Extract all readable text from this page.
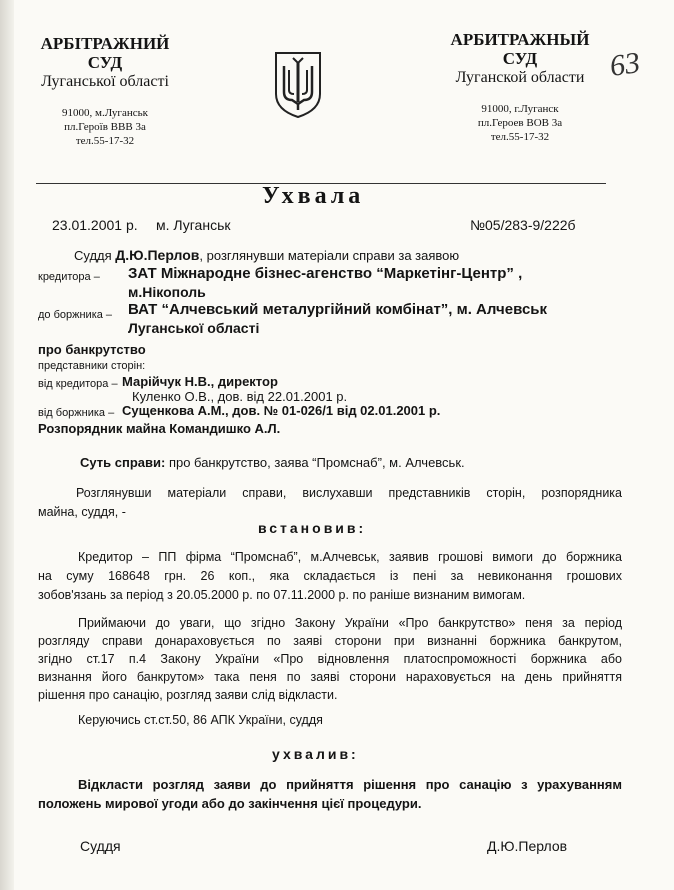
АРБІТРАЖНИЙ
СУД
Луганської області
91000, м.Луганськ
пл.Героїв ВВВ 3а
тел.55-17-32
АРБИТРАЖНЫЙ
СУД
Луганской области
91000, г.Луганск
пл.Героев ВОВ 3а
тел.55-17-32
63
Ухвала
23.01.2001 р. м. Луганськ	№05/283-9/222б
Суддя Д.Ю.Перлов, розглянувши матеріали справи за заявою
кредитора – ЗАТ Міжнародне бізнес-агенство “Маркетінг-Центр” ,
м.Нікополь
до боржника – ВАТ “Алчевський металургійний комбінат”, м. Алчевськ
Луганської області
про банкрутство
представники сторін:
від кредитора – Марійчук Н.В., директор
Куленко О.В., дов. від 22.01.2001 р.
від боржника – Сущенкова А.М., дов. № 01-026/1 від 02.01.2001 р.
Розпорядник майна Командишко А.Л.
Суть справи: про банкрутство, заява “Промснаб”, м. Алчевськ.
Розглянувши матеріали справи, вислухавши представників сторін, розпорядника
майна, суддя, -
встановив:
Кредитор – ПП фірма “Промснаб”, м.Алчевськ, заявив грошові вимоги до боржника
на суму 168648 грн. 26 коп., яка складається із пені за невиконання грошових
зобов'язань за період з 20.05.2000 р. по 07.11.2000 р. по раніше визнаним вимогам.
Приймаючи до уваги, що згідно Закону України «Про банкрутство» пеня за період
розгляду справи донараховується по заяві сторони при визнанні боржника банкрутом,
згідно ст.17 п.4 Закону України «Про відновлення платоспроможності боржника або
визнання його банкрутом» така пеня по заяві сторони нараховується на день прийняття
рішення про санацію, розгляд заяви слід відкласти.
Керуючись ст.ст.50, 86 АПК України, суддя
ухвалив:
Відкласти розгляд заяви до прийняття рішення про санацію з урахуванням
положень мирової угоди або до закінчення цієї процедури.
Суддя	Д.Ю.Перлов
